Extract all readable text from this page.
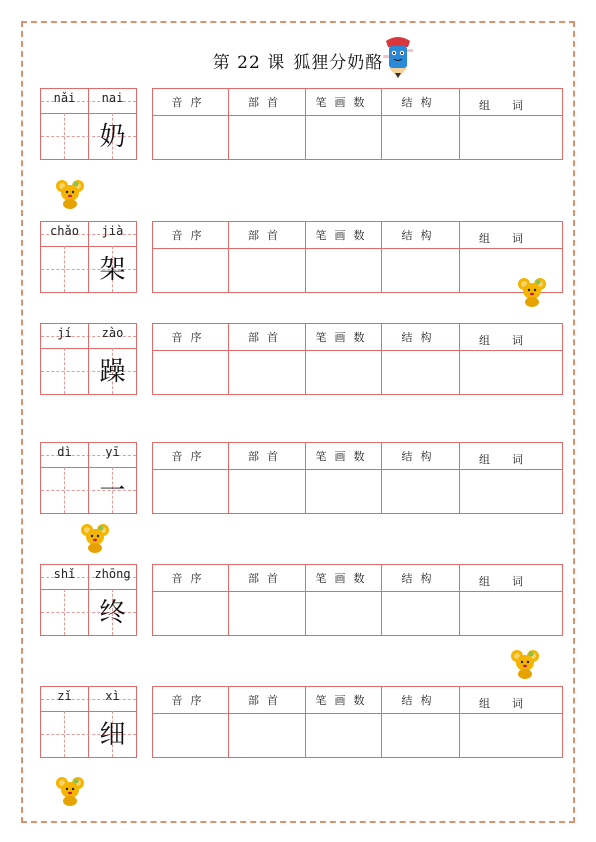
第 22 课 狐狸分奶酪
nǎi	nai
奶
音序	部首	笔画数	结构	组词
chǎo	jià
架
音序	部首	笔画数	结构	组词
jí	zào
躁
音序	部首	笔画数	结构	组词
dì	yī
一
音序	部首	笔画数	结构	组词
shǐ	zhōng
终
音序	部首	笔画数	结构	组词
zǐ	xì
细
音序	部首	笔画数	结构	组词
